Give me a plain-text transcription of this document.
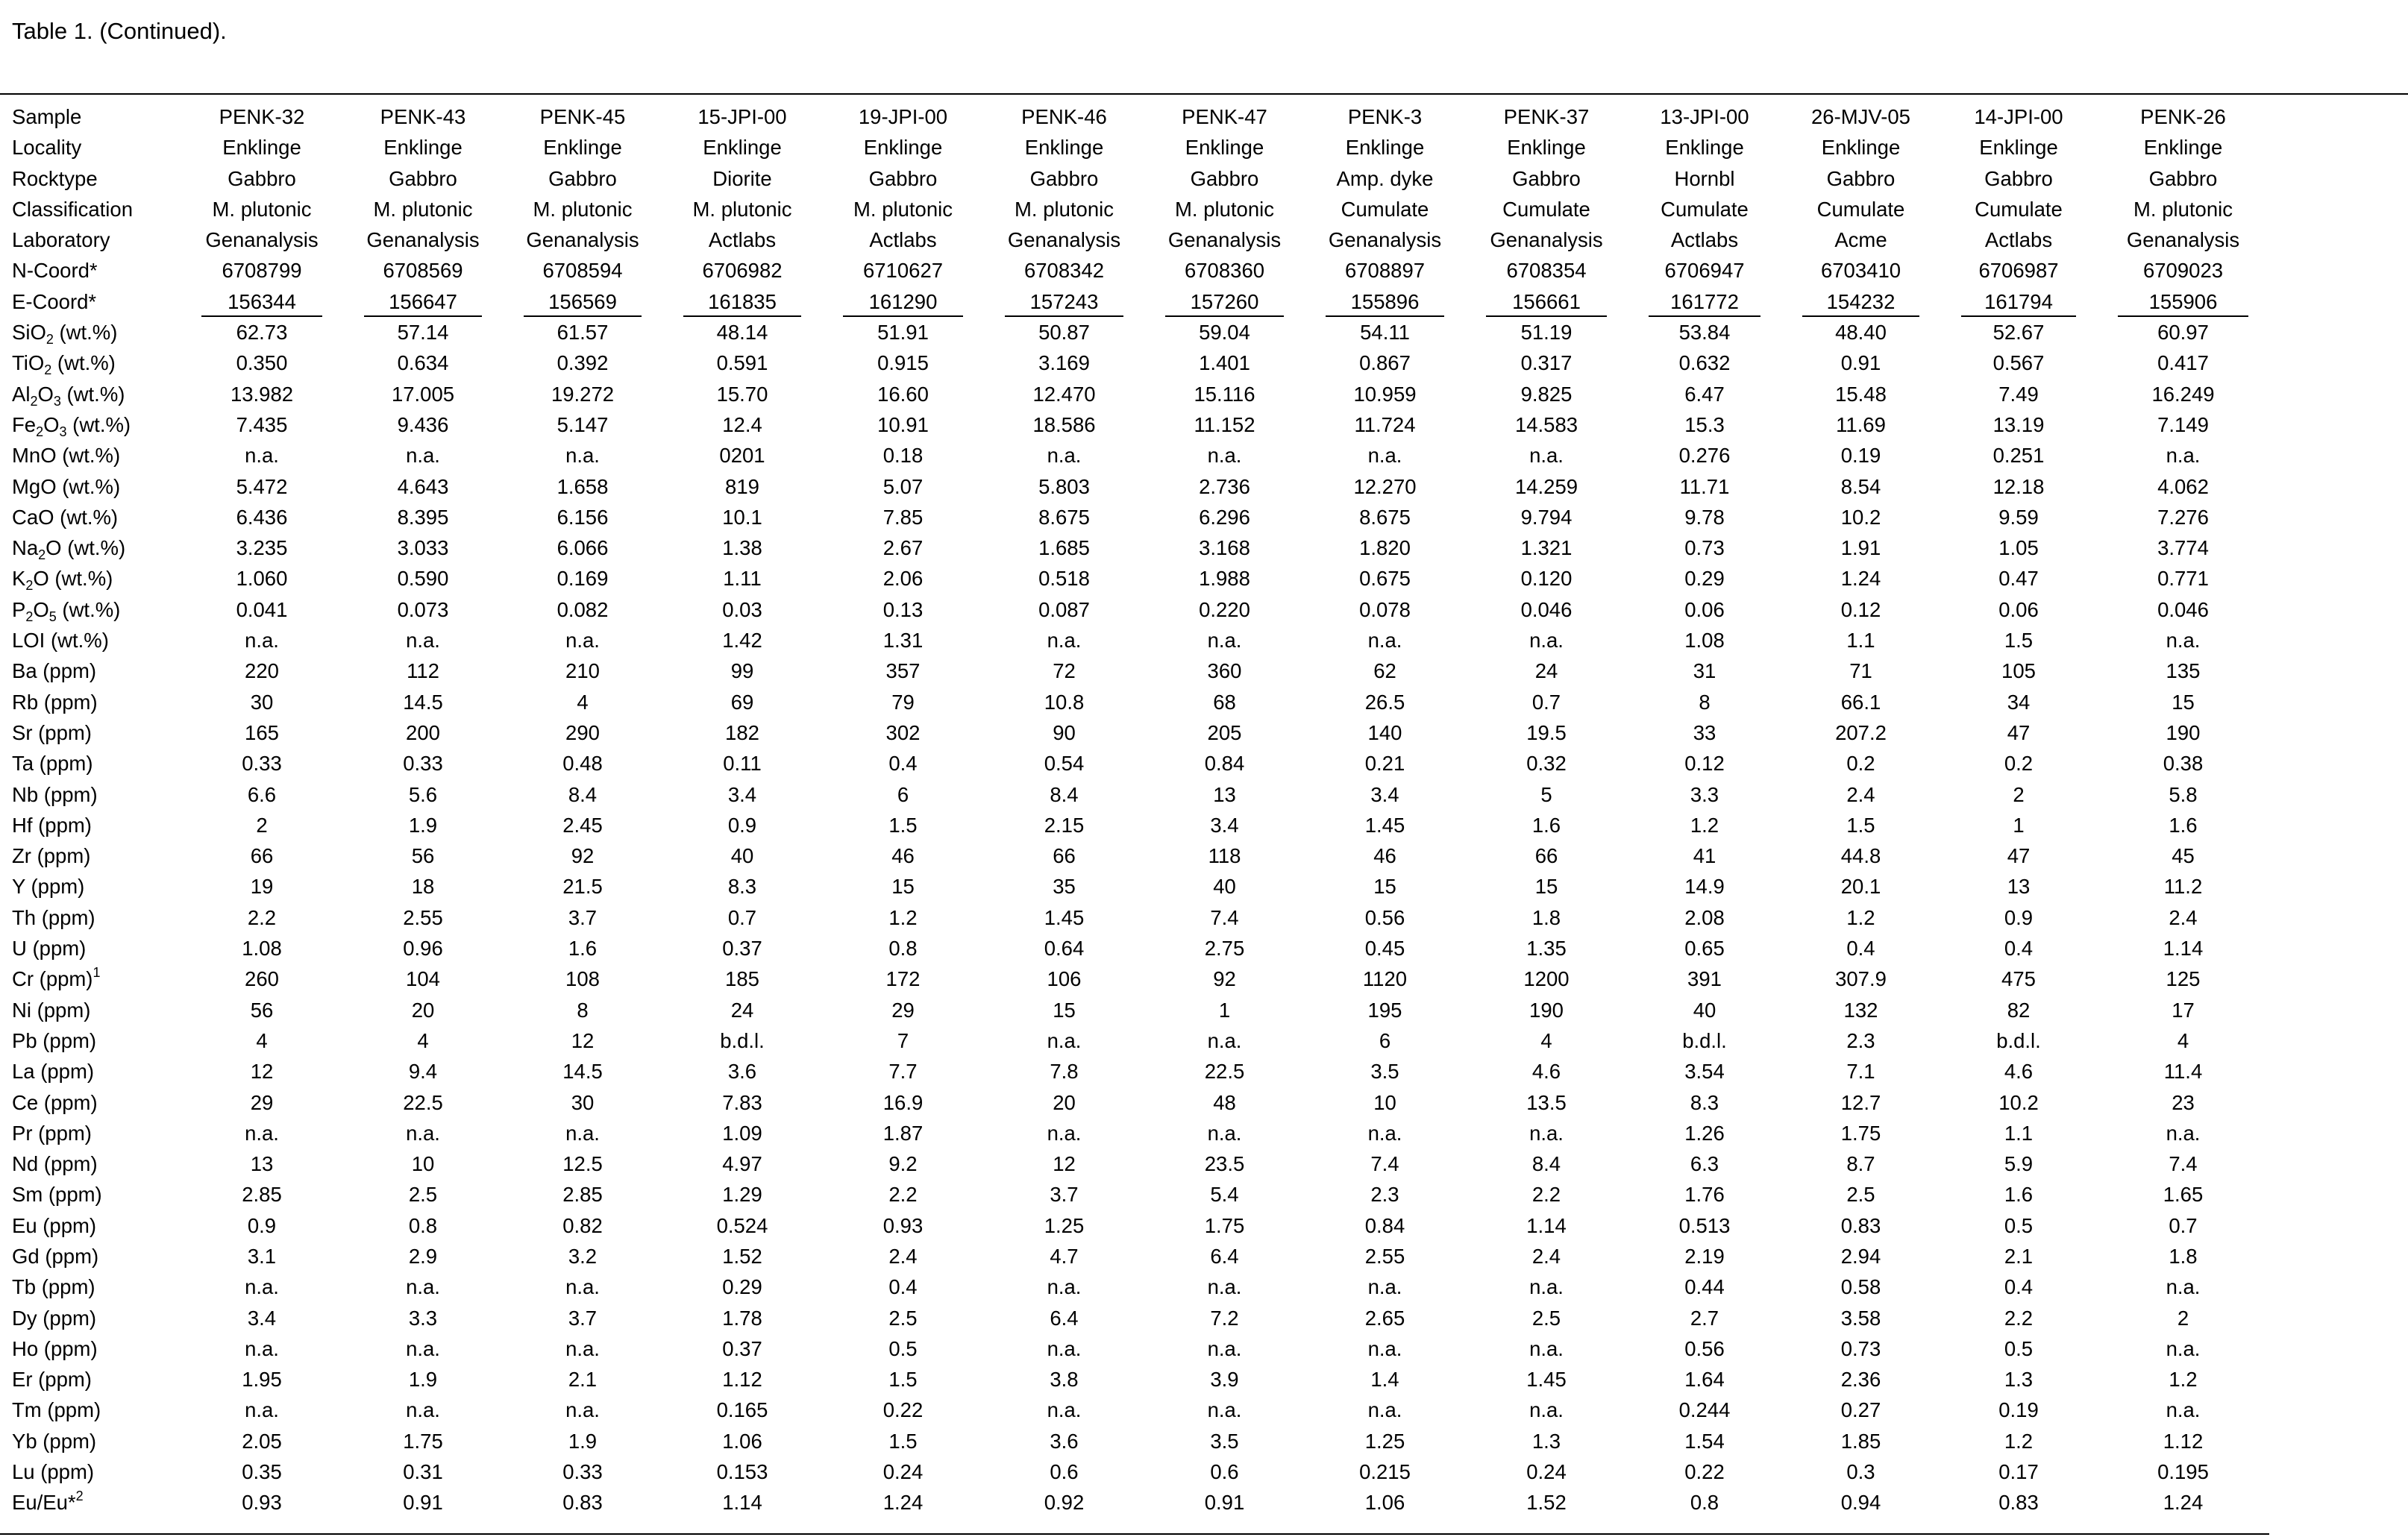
Table 1. (Continued).
Sample	PENK-32	PENK-43	PENK-45	15-JPI-00	19-JPI-00	PENK-46	PENK-47	PENK-3	PENK-37	13-JPI-00	26-MJV-05	14-JPI-00	PENK-26
Locality	Enklinge	Enklinge	Enklinge	Enklinge	Enklinge	Enklinge	Enklinge	Enklinge	Enklinge	Enklinge	Enklinge	Enklinge	Enklinge
Rocktype	Gabbro	Gabbro	Gabbro	Diorite	Gabbro	Gabbro	Gabbro	Amp. dyke	Gabbro	Hornbl	Gabbro	Gabbro	Gabbro
Classification	M. plutonic	M. plutonic	M. plutonic	M. plutonic	M. plutonic	M. plutonic	M. plutonic	Cumulate	Cumulate	Cumulate	Cumulate	Cumulate	M. plutonic
Laboratory	Genanalysis	Genanalysis	Genanalysis	Actlabs	Actlabs	Genanalysis	Genanalysis	Genanalysis	Genanalysis	Actlabs	Acme	Actlabs	Genanalysis
N-Coord*	6708799	6708569	6708594	6706982	6710627	6708342	6708360	6708897	6708354	6706947	6703410	6706987	6709023
E-Coord*	156344	156647	156569	161835	161290	157243	157260	155896	156661	161772	154232	161794	155906
SiO$_2$ (wt.%)	62.73	57.14	61.57	48.14	51.91	50.87	59.04	54.11	51.19	53.84	48.40	52.67	60.97
TiO$_2$ (wt.%)	0.350	0.634	0.392	0.591	0.915	3.169	1.401	0.867	0.317	0.632	0.91	0.567	0.417
$Al_2O_3$ (wt.%)	13.982	17.005	19.272	15.70	16.60	12.470	15.116	10.959	9.825	6.47	15.48	7.49	16.249
$Fe_2O_3$ (wt.%)	7.435	9.436	5.147	12.4	10.91	18.586	11.152	11.724	14.583	15.3	11.69	13.19	7.149
MnO (wt.%)	n.a.	n.a.	n.a.	0201	0.18	n.a.	n.a.	n.a.	n.a.	0.276	0.19	0.251	n.a.
MgO (wt.%)	5.472	4.643	1.658	819	5.07	5.803	2.736	12.270	14.259	11.71	8.54	12.18	4.062
CaO (wt.%)	6.436	8.395	6.156	10.1	7.85	8.675	6.296	8.675	9.794	9.78	10.2	9.59	7.276
$Na_2O$ (wt.%)	3.235	3.033	6.066	1.38	2.67	1.685	3.168	1.820	1.321	0.73	1.91	1.05	3.774
$K_2O$ (wt.%)	1.060	0.590	0.169	1.11	2.06	0.518	1.988	0.675	0.120	0.29	1.24	0.47	0.771
$P_2O_5$ (wt.%)	0.041	0.073	0.082	0.03	0.13	0.087	0.220	0.078	0.046	0.06	0.12	0.06	0.046
LOI (wt.%)	n.a.	n.a.	n.a.	1.42	1.31	n.a.	n.a.	n.a.	n.a.	1.08	1.1	1.5	n.a.
Ba (ppm)	220	112	210	99	357	72	360	62	24	31	71	105	135
Rb (ppm)	30	14.5	4	69	79	10.8	68	26.5	0.7	8	66.1	34	15
Sr (ppm)	165	200	290	182	302	90	205	140	19.5	33	207.2	47	190
Ta (ppm)	0.33	0.33	0.48	0.11	0.4	0.54	0.84	0.21	0.32	0.12	0.2	0.2	0.38
Nb (ppm)	6.6	5.6	8.4	3.4	6	8.4	13	3.4	5	3.3	2.4	2	5.8
Hf (ppm)	2	1.9	2.45	0.9	1.5	2.15	3.4	1.45	1.6	1.2	1.5	1	1.6
Zr (ppm)	66	56	92	40	46	66	118	46	66	41	44.8	47	45
Y (ppm)	19	18	21.5	8.3	15	35	40	15	15	14.9	20.1	13	11.2
Th (ppm)	2.2	2.55	3.7	0.7	1.2	1.45	7.4	0.56	1.8	2.08	1.2	0.9	2.4
U (ppm)	1.08	0.96	1.6	0.37	0.8	0.64	2.75	0.45	1.35	0.65	0.4	0.4	1.14
Cr (ppm)$^1$	260	104	108	185	172	106	92	1120	1200	391	307.9	475	125
Ni (ppm)	56	20	8	24	29	15	1	195	190	40	132	82	17
Pb (ppm)	4	4	12	b.d.l.	7	n.a.	n.a.	6	4	b.d.l.	2.3	b.d.l.	4
La (ppm)	12	9.4	14.5	3.6	7.7	7.8	22.5	3.5	4.6	3.54	7.1	4.6	11.4
Ce (ppm)	29	22.5	30	7.83	16.9	20	48	10	13.5	8.3	12.7	10.2	23
Pr (ppm)	n.a.	n.a.	n.a.	1.09	1.87	n.a.	n.a.	n.a.	n.a.	1.26	1.75	1.1	n.a.
Nd (ppm)	13	10	12.5	4.97	9.2	12	23.5	7.4	8.4	6.3	8.7	5.9	7.4
Sm (ppm)	2.85	2.5	2.85	1.29	2.2	3.7	5.4	2.3	2.2	1.76	2.5	1.6	1.65
Eu (ppm)	0.9	0.8	0.82	0.524	0.93	1.25	1.75	0.84	1.14	0.513	0.83	0.5	0.7
Gd (ppm)	3.1	2.9	3.2	1.52	2.4	4.7	6.4	2.55	2.4	2.19	2.94	2.1	1.8
Tb (ppm)	n.a.	n.a.	n.a.	0.29	0.4	n.a.	n.a.	n.a.	n.a.	0.44	0.58	0.4	n.a.
Dy (ppm)	3.4	3.3	3.7	1.78	2.5	6.4	7.2	2.65	2.5	2.7	3.58	2.2	2
Ho (ppm)	n.a.	n.a.	n.a.	0.37	0.5	n.a.	n.a.	n.a.	n.a.	0.56	0.73	0.5	n.a.
Er (ppm)	1.95	1.9	2.1	1.12	1.5	3.8	3.9	1.4	1.45	1.64	2.36	1.3	1.2
Tm (ppm)	n.a.	n.a.	n.a.	0.165	0.22	n.a.	n.a.	n.a.	n.a.	0.244	0.27	0.19	n.a.
Yb (ppm)	2.05	1.75	1.9	1.06	1.5	3.6	3.5	1.25	1.3	1.54	1.85	1.2	1.12
Lu (ppm)	0.35	0.31	0.33	0.153	0.24	0.6	0.6	0.215	0.24	0.22	0.3	0.17	0.195
Eu/Eu*$^2$	0.93	0.91	0.83	1.14	1.24	0.92	0.91	1.06	1.52	0.8	0.94	0.83	1.24
